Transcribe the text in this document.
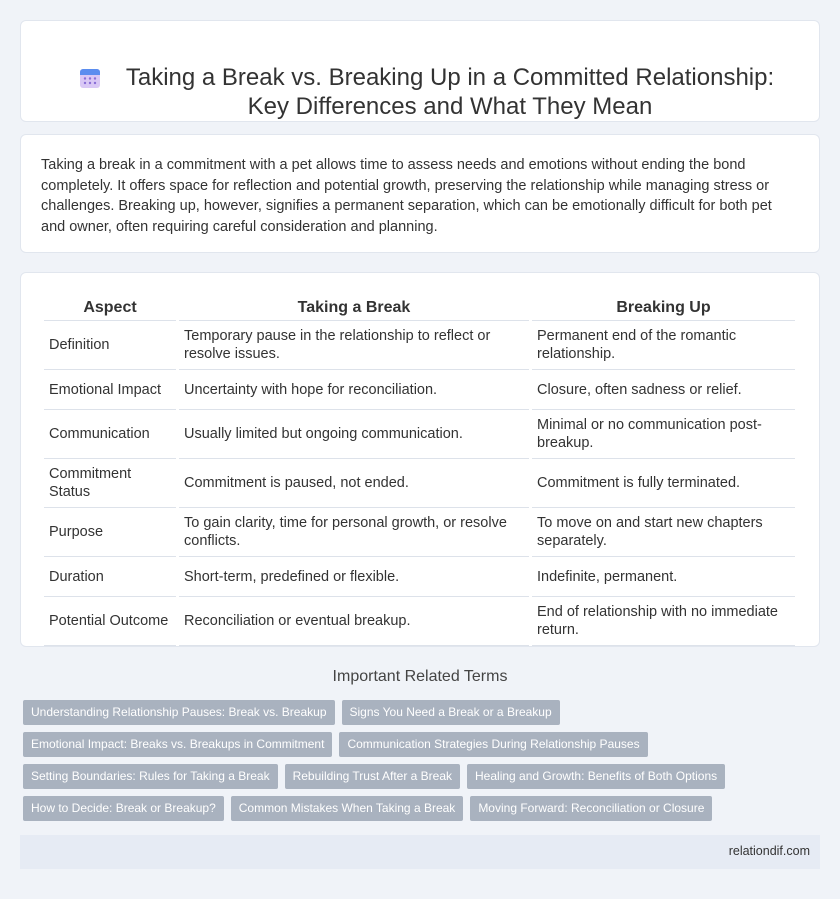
Taking a Break vs. Breaking Up in a Committed Relationship: Key Differences and What They Mean

Taking a break in a commitment with a pet allows time to assess needs and emotions without ending the bond completely. It offers space for reflection and potential growth, preserving the relationship while managing stress or challenges. Breaking up, however, signifies a permanent separation, which can be emotionally difficult for both pet and owner, often requiring careful consideration and planning.

Aspect	Taking a Break	Breaking Up
Definition	Temporary pause in the relationship to reflect or resolve issues.	Permanent end of the romantic relationship.
Emotional Impact	Uncertainty with hope for reconciliation.	Closure, often sadness or relief.
Communication	Usually limited but ongoing communication.	Minimal or no communication post-breakup.
Commitment Status	Commitment is paused, not ended.	Commitment is fully terminated.
Purpose	To gain clarity, time for personal growth, or resolve conflicts.	To move on and start new chapters separately.
Duration	Short-term, predefined or flexible.	Indefinite, permanent.
Potential Outcome	Reconciliation or eventual breakup.	End of relationship with no immediate return.
Important Related Terms
Understanding Relationship Pauses: Break vs. Breakup	Signs You Need a Break or a Breakup
Emotional Impact: Breaks vs. Breakups in Commitment	Communication Strategies During Relationship Pauses
Setting Boundaries: Rules for Taking a Break	Rebuilding Trust After a Break	Healing and Growth: Benefits of Both Options
How to Decide: Break or Breakup?	Common Mistakes When Taking a Break	Moving Forward: Reconciliation or Closure
relationdif.com
